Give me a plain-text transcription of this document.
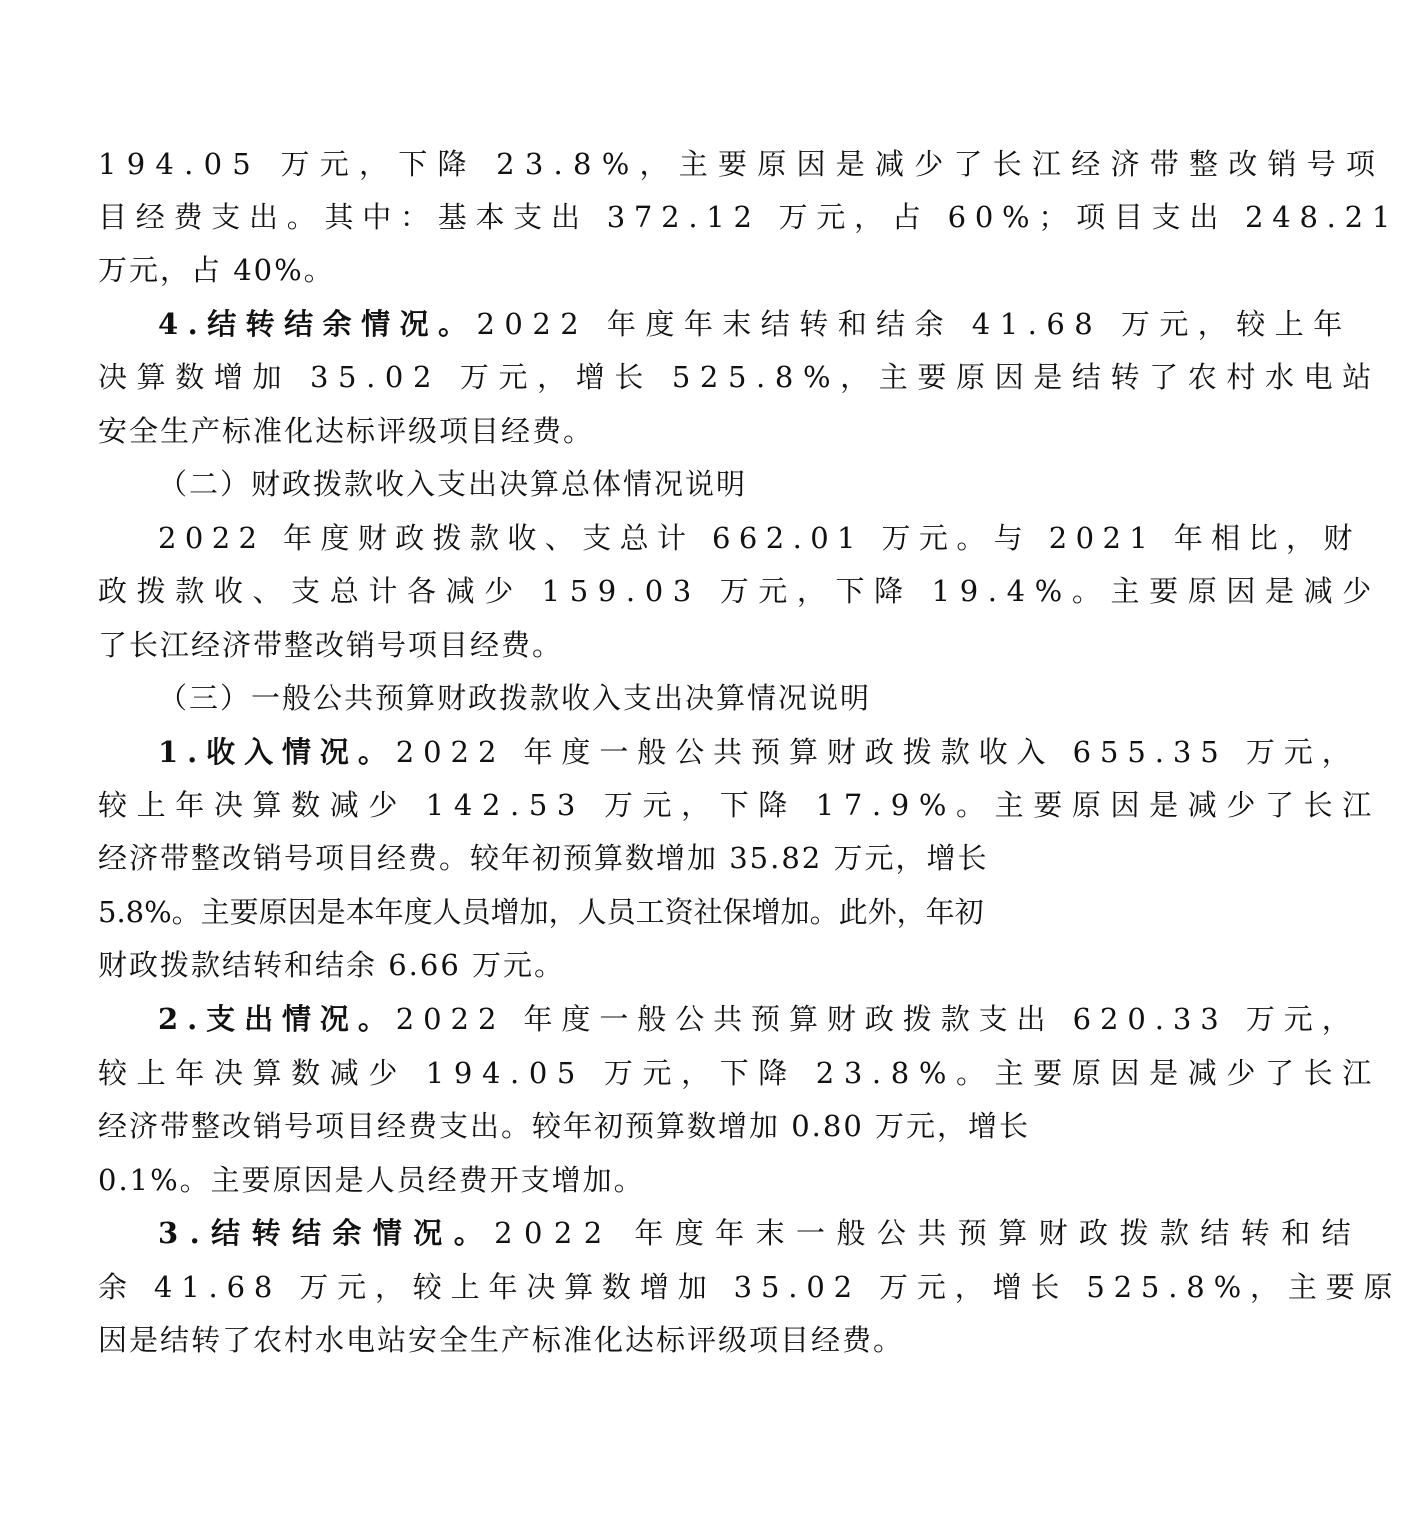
194.05 万元，下降 23.8%，主要原因是减少了长江经济带整改销号项
目经费支出。其中：基本支出 372.12 万元，占 60%；项目支出 248.21
万元，占 40%。
4.结转结余情况。2022 年度年末结转和结余 41.68 万元，较上年
决算数增加 35.02 万元，增长 525.8%，主要原因是结转了农村水电站
安全生产标准化达标评级项目经费。
（二）财政拨款收入支出决算总体情况说明
2022 年度财政拨款收、支总计 662.01 万元。与 2021 年相比，财
政拨款收、支总计各减少 159.03 万元，下降 19.4%。主要原因是减少
了长江经济带整改销号项目经费。
（三）一般公共预算财政拨款收入支出决算情况说明
1.收入情况。2022 年度一般公共预算财政拨款收入 655.35 万元，
较上年决算数减少 142.53 万元，下降 17.9%。主要原因是减少了长江
经济带整改销号项目经费。较年初预算数增加 35.82 万元，增长
5.8%。主要原因是本年度人员增加，人员工资社保增加。此外，年初
财政拨款结转和结余 6.66 万元。
2.支出情况。2022 年度一般公共预算财政拨款支出 620.33 万元，
较上年决算数减少 194.05 万元，下降 23.8%。主要原因是减少了长江
经济带整改销号项目经费支出。较年初预算数增加 0.80 万元，增长
0.1%。主要原因是人员经费开支增加。
3.结转结余情况。2022 年度年末一般公共预算财政拨款结转和结
余 41.68 万元，较上年决算数增加 35.02 万元，增长 525.8%，主要原
因是结转了农村水电站安全生产标准化达标评级项目经费。
